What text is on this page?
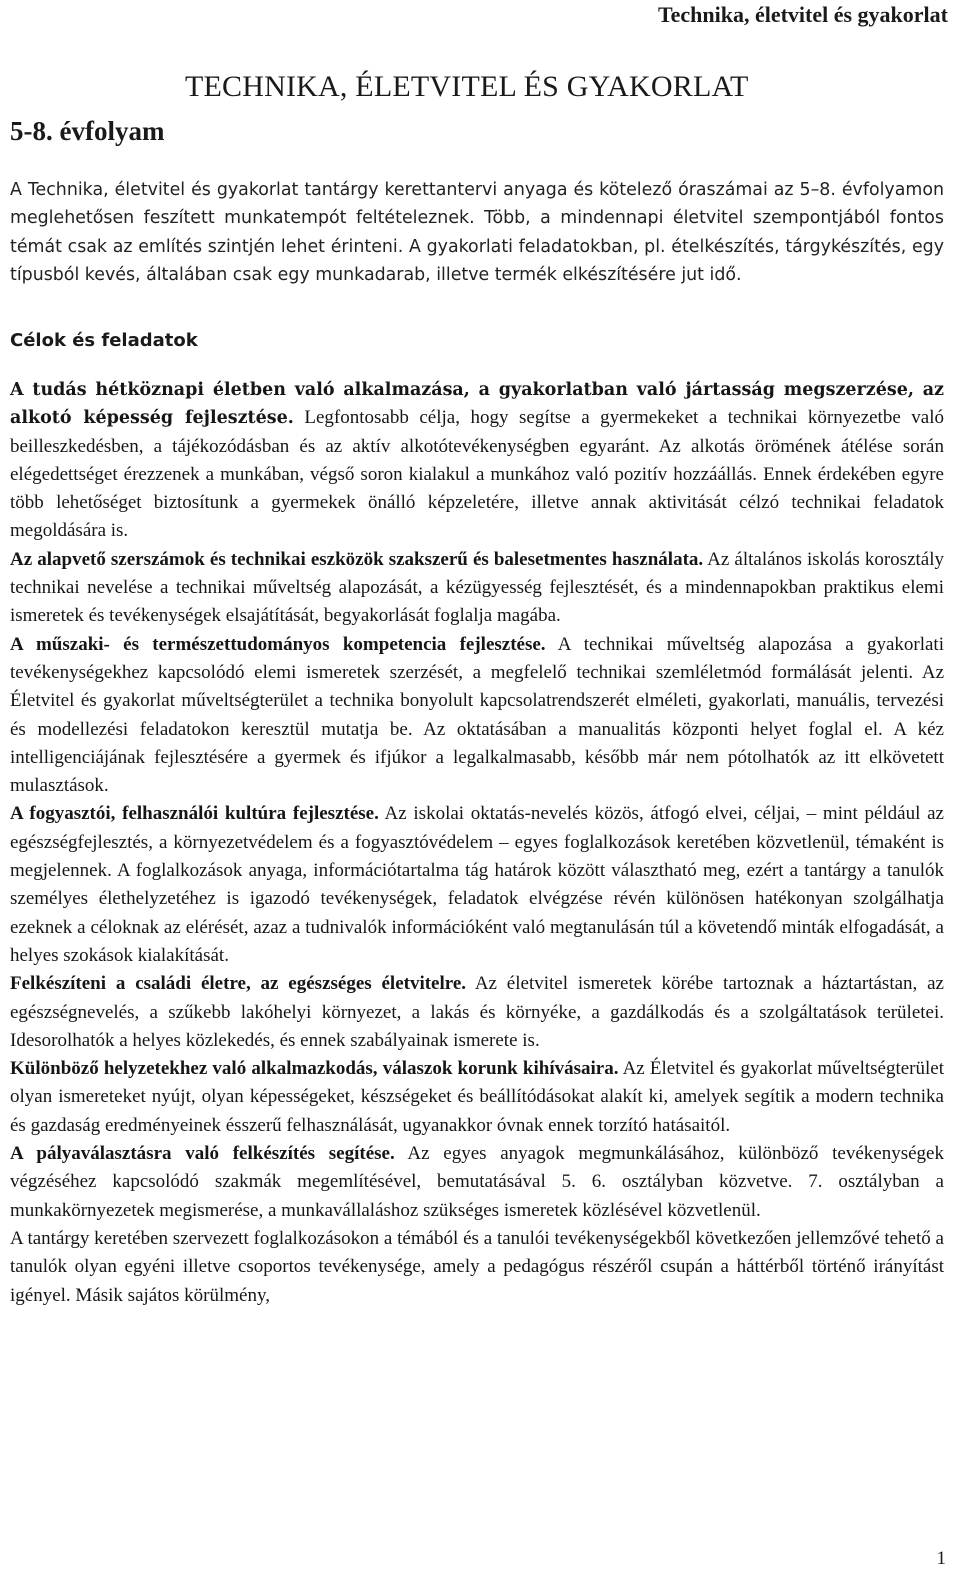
Technika, életvitel és gyakorlat
TECHNIKA, ÉLETVITEL ÉS GYAKORLAT
5-8. évfolyam

A Technika, életvitel és gyakorlat tantárgy kerettantervi anyaga és kötelező óraszámai az 5–8. évfolyamon meglehetősen feszített munkatempót feltételeznek. Több, a mindennapi életvitel szempontjából fontos témát csak az említés szintjén lehet érinteni. A gyakorlati feladatokban, pl. ételkészítés, tárgykészítés, egy típusból kevés, általában csak egy munkadarab, illetve termék elkészítésére jut idő.

Célok és feladatok

A tudás hétköznapi életben való alkalmazása, a gyakorlatban való jártasság megszerzése, az alkotó képesség fejlesztése. Legfontosabb célja, hogy segítse a gyermekeket a technikai környezetbe való beilleszkedésben, a tájékozódásban és az aktív alkotótevékenységben egyaránt. Az alkotás örömének átélése során elégedettséget érezzenek a munkában, végső soron kialakul a munkához való pozitív hozzáállás. Ennek érdekében egyre több lehetőséget biztosítunk a gyermekek önálló képzeletére, illetve annak aktivitását célzó technikai feladatok megoldására is.

Az alapvető szerszámok és technikai eszközök szakszerű és balesetmentes használata. Az általános iskolás korosztály technikai nevelése a technikai műveltség alapozását, a kézügyesség fejlesztését, és a mindennapokban praktikus elemi ismeretek és tevékenységek elsajátítását, begyakorlását foglalja magába.

A műszaki- és természettudományos kompetencia fejlesztése. A technikai műveltség alapozása a gyakorlati tevékenységekhez kapcsolódó elemi ismeretek szerzését, a megfelelő technikai szemléletmód formálását jelenti. Az Életvitel és gyakorlat műveltségterület a technika bonyolult kapcsolatrendszerét elméleti, gyakorlati, manuális, tervezési és modellezési feladatokon keresztül mutatja be. Az oktatásában a manualitás központi helyet foglal el. A kéz intelligenciájának fejlesztésére a gyermek és ifjúkor a legalkalmasabb, később már nem pótolhatók az itt elkövetett mulasztások.

A fogyasztói, felhasználói kultúra fejlesztése. Az iskolai oktatás-nevelés közös, átfogó elvei, céljai, – mint például az egészségfejlesztés, a környezetvédelem és a fogyasztóvédelem – egyes foglalkozások keretében közvetlenül, témaként is megjelennek. A foglalkozások anyaga, információtartalma tág határok között választható meg, ezért a tantárgy a tanulók személyes élethelyzetéhez is igazodó tevékenységek, feladatok elvégzése révén különösen hatékonyan szolgálhatja ezeknek a céloknak az elérését, azaz a tudnivalók információként való megtanulásán túl a követendő minták elfogadását, a helyes szokások kialakítását.

Felkészíteni a családi életre, az egészséges életvitelre. Az életvitel ismeretek körébe tartoznak a háztartástan, az egészségnevelés, a szűkebb lakóhelyi környezet, a lakás és környéke, a gazdálkodás és a szolgáltatások területei. Idesorolhatók a helyes közlekedés, és ennek szabályainak ismerete is.

Különböző helyzetekhez való alkalmazkodás, válaszok korunk kihívásaira. Az Életvitel és gyakorlat műveltségterület olyan ismereteket nyújt, olyan képességeket, készségeket és beállítódásokat alakít ki, amelyek segítik a modern technika és gazdaság eredményeinek ésszerű felhasználását, ugyanakkor óvnak ennek torzító hatásaitól.

A pályaválasztásra való felkészítés segítése. Az egyes anyagok megmunkálásához, különböző tevékenységek végzéséhez kapcsolódó szakmák megemlítésével, bemutatásával 5. 6. osztályban közvetve. 7. osztályban a munkakörnyezetek megismerése, a munkavállaláshoz szükséges ismeretek közlésével közvetlenül.

A tantárgy keretében szervezett foglalkozásokon a témából és a tanulói tevékenységekből következően jellemzővé tehető a tanulók olyan egyéni illetve csoportos tevékenysége, amely a pedagógus részéről csupán a háttérből történő irányítást igényel. Másik sajátos körülmény,

1
